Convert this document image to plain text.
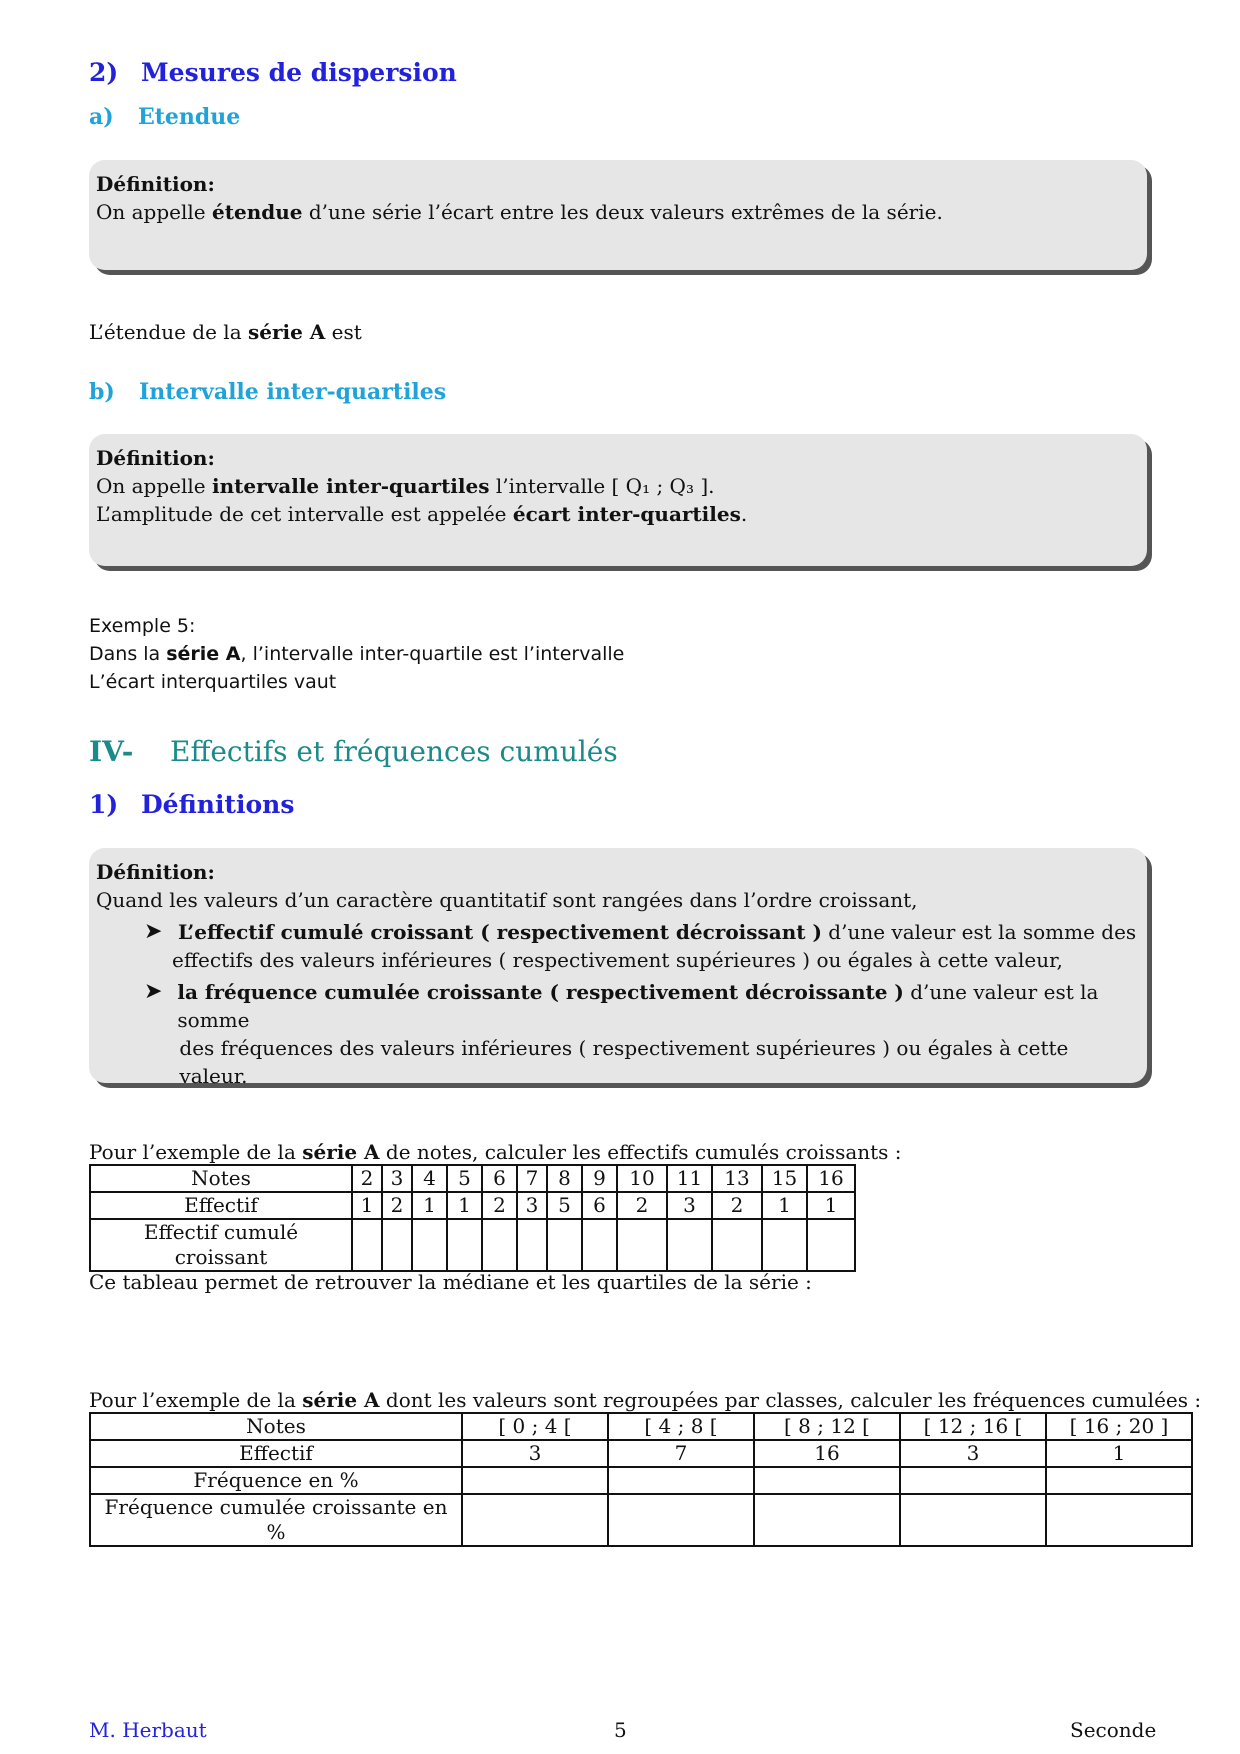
2) Mesures de dispersion
a) Etendue
Définition:
On appelle étendue d’une série l’écart entre les deux valeurs extrêmes de la série.
L’étendue de la série A est
b) Intervalle inter-quartiles
Définition:
On appelle intervalle inter-quartiles l’intervalle [ Q₁ ; Q₃ ].
L’amplitude de cet intervalle est appelée écart inter-quartiles.
Exemple 5:
Dans la série A, l’intervalle inter-quartile est l’intervalle
L’écart interquartiles vaut
IV- Effectifs et fréquences cumulés
1) Définitions
Définition:
Quand les valeurs d’un caractère quantitatif sont rangées dans l’ordre croissant,
➤ L’effectif cumulé croissant ( respectivement décroissant ) d’une valeur est la somme des
effectifs des valeurs inférieures ( respectivement supérieures ) ou égales à cette valeur,
➤ la fréquence cumulée croissante ( respectivement décroissante ) d’une valeur est la somme
des fréquences des valeurs inférieures ( respectivement supérieures ) ou égales à cette valeur.
Pour l’exemple de la série A de notes, calculer les effectifs cumulés croissants :
Notes	2	3	4	5	6	7	8	9	10	11	13	15	16
Effectif	1	2	1	1	2	3	5	6	2	3	2	1	1
Effectif cumulé croissant													
Ce tableau permet de retrouver la médiane et les quartiles de la série :
Pour l’exemple de la série A dont les valeurs sont regroupées par classes, calculer les fréquences cumulées :
Notes	[ 0 ; 4 [	[ 4 ; 8 [	[ 8 ; 12 [	[ 12 ; 16 [	[ 16 ; 20 ]
Effectif	3	7	16	3	1
Fréquence en %					
Fréquence cumulée croissante en %					
M. Herbaut	5	Seconde
